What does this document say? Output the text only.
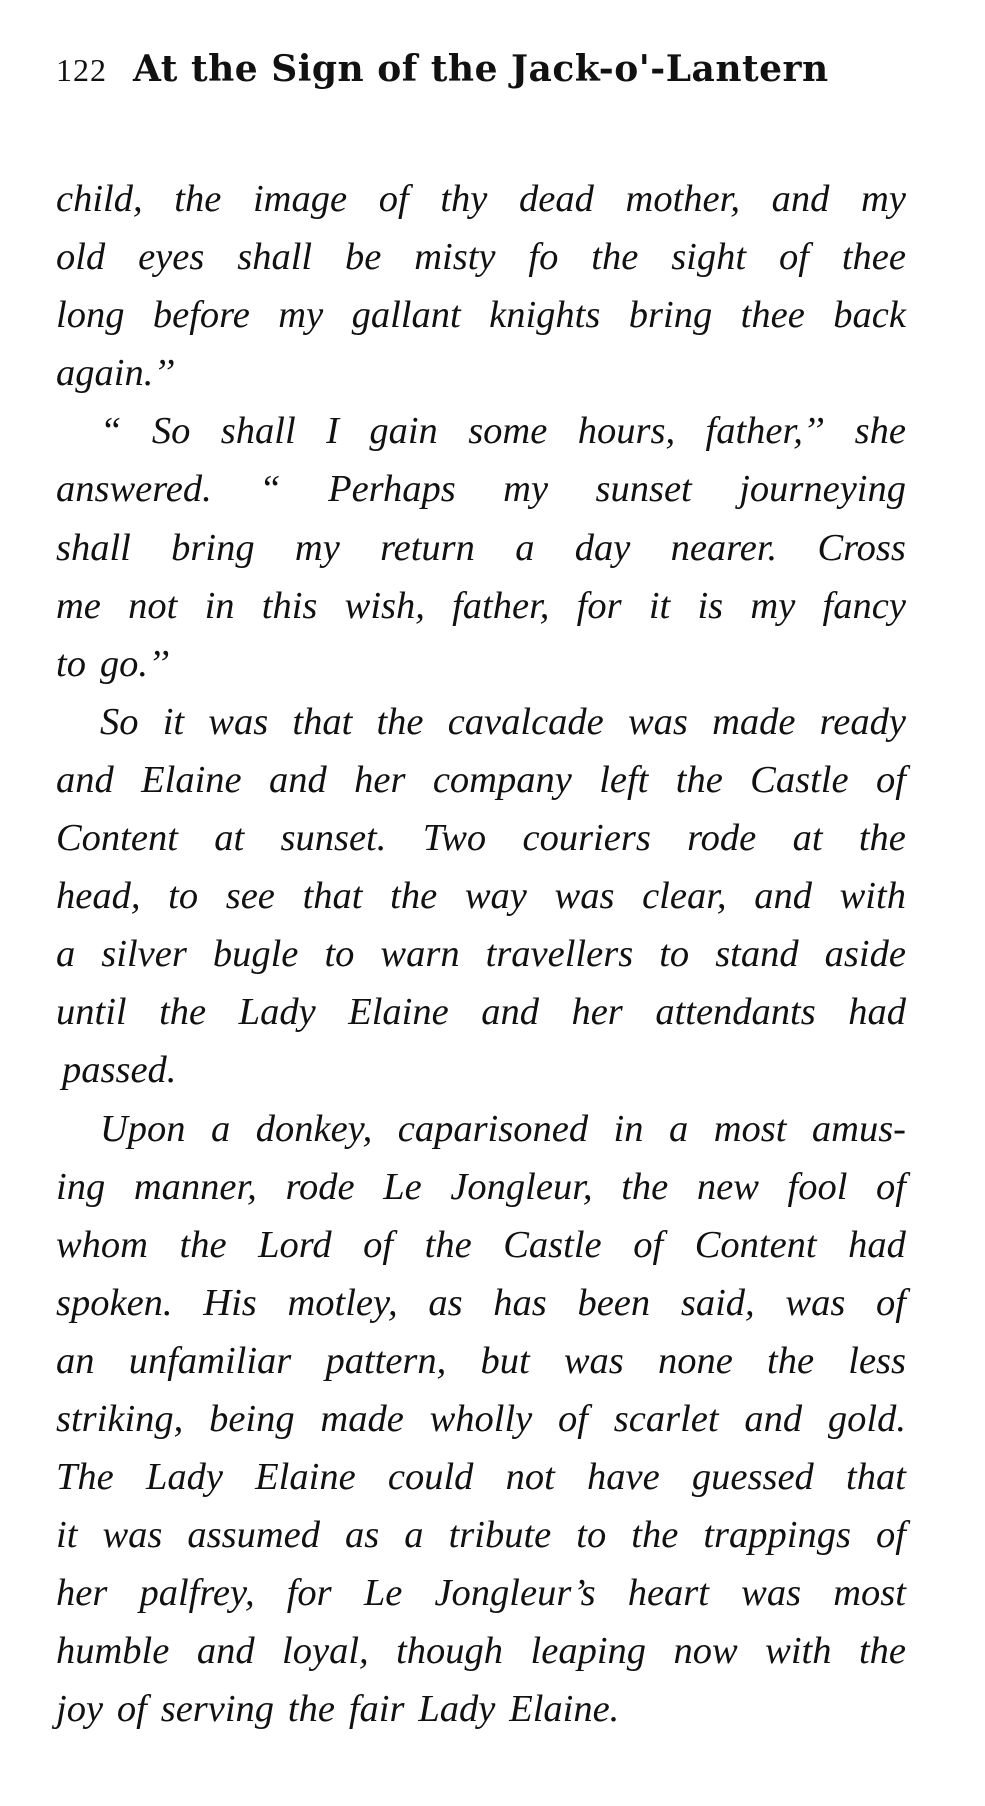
122 At the Sign of the Jack-o'-Lantern
child, the image of thy dead mother, and my
old eyes shall be misty fo the sight of thee
long before my gallant knights bring thee back
again.’’
“ So shall I gain some hours, father,’’ she
answered. “ Perhaps my sunset journeying
shall bring my return a day nearer. Cross
me not in this wish, father, for it is my fancy
to go.’’
So it was that the cavalcade was made ready
and Elaine and her company left the Castle of
Content at sunset. Two couriers rode at the
head, to see that the way was clear, and with
a silver bugle to warn travellers to stand aside
until the Lady Elaine and her attendants had
passed.
Upon a donkey, caparisoned in a most amus-
ing manner, rode Le Jongleur, the new fool of
whom the Lord of the Castle of Content had
spoken. His motley, as has been said, was of
an unfamiliar pattern, but was none the less
striking, being made wholly of scarlet and gold.
The Lady Elaine could not have guessed that
it was assumed as a tribute to the trappings of
her palfrey, for Le Jongleur’s heart was most
humble and loyal, though leaping now with the
joy of serving the fair Lady Elaine.
